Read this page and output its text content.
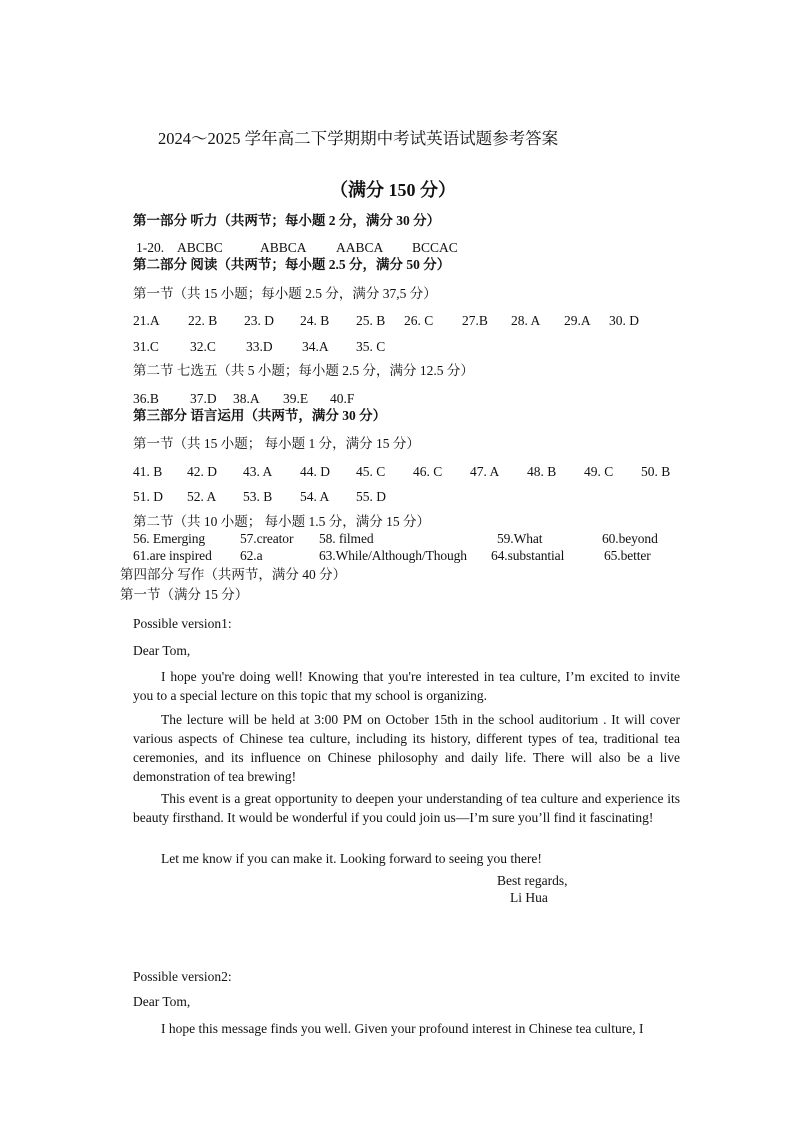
2024～2025 学年高二下学期期中考试英语试题参考答案
（满分 150 分）
第一部分 听力（共两节；每小题 2 分，满分 30 分）
1-20. ABCBC	ABBCA AABCA BCCAC
第二部分 阅读（共两节；每小题 2.5 分，满分 50 分）
第一节（共 15 小题；每小题 2.5 分，满分 37,5 分）
21.A 22. B 23. D 24. B 25. B 26. C 27.B 28. A 29.A 30. D
31.C 32.C 33.D 34.A 35. C
第二节 七选五（共 5 小题；每小题 2.5 分，满分 12.5 分）
36.B 37.D 38.A 39.E 40.F
第三部分 语言运用（共两节，满分 30 分）
第一节（共 15 小题； 每小题 1 分，满分 15 分）
41. B 42. D 43. A 44. D 45. C 46. C 47. A 48. B 49. C 50. B
51. D 52. A 53. B 54. A 55. D
第二节（共 10 小题； 每小题 1.5 分，满分 15 分）
56. Emerging	57.creator 58. filmed	59.What	60.beyond
61.are inspired 62.a	63.While/Although/Though 64.substantial	65.better
第四部分 写作（共两节，满分 40 分）
第一节（满分 15 分）
Possible version1:
Dear Tom,
I hope you're doing well! Knowing that you're interested in tea culture, I’m excited to invite you to a special lecture on this topic that my school is organizing.
The lecture will be held at 3:00 PM on October 15th in the school auditorium . It will cover various aspects of Chinese tea culture, including its history, different types of tea, traditional tea ceremonies, and its influence on Chinese philosophy and daily life. There will also be a live demonstration of tea brewing!
This event is a great opportunity to deepen your understanding of tea culture and experience its beauty firsthand. It would be wonderful if you could join us—I’m sure you’ll find it fascinating!
Let me know if you can make it. Looking forward to seeing you there!
Best regards,
Li Hua
Possible version2:
Dear Tom,
I hope this message finds you well. Given your profound interest in Chinese tea culture, I
